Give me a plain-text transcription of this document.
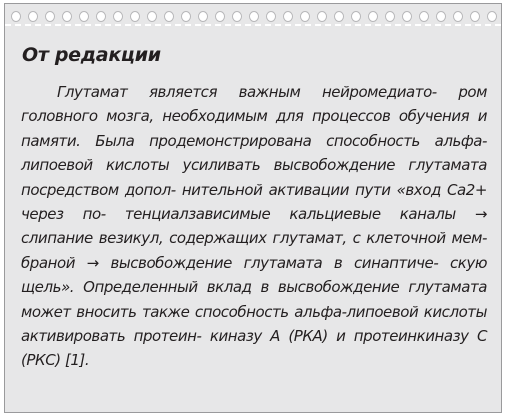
От редакции

Глутамат является важным нейромедиато- ром головного мозга, необходимым для процессов обучения и памяти. Была продемонстрирована способность альфа-липоевой кислоты усиливать высвобождение глутамата посредством допол- нительной активации пути «вход Са2+ через по- тенциалзависимые кальциевые каналы → слипание везикул, содержащих глутамат, с клеточной мем- браной → высвобождение глутамата в синаптиче- скую щель». Определенный вклад в высвобождение глутамата может вносить также способность альфа-липоевой кислоты активировать протеин- киназу А (РКА) и протеинкиназу С (РКС) [1].
